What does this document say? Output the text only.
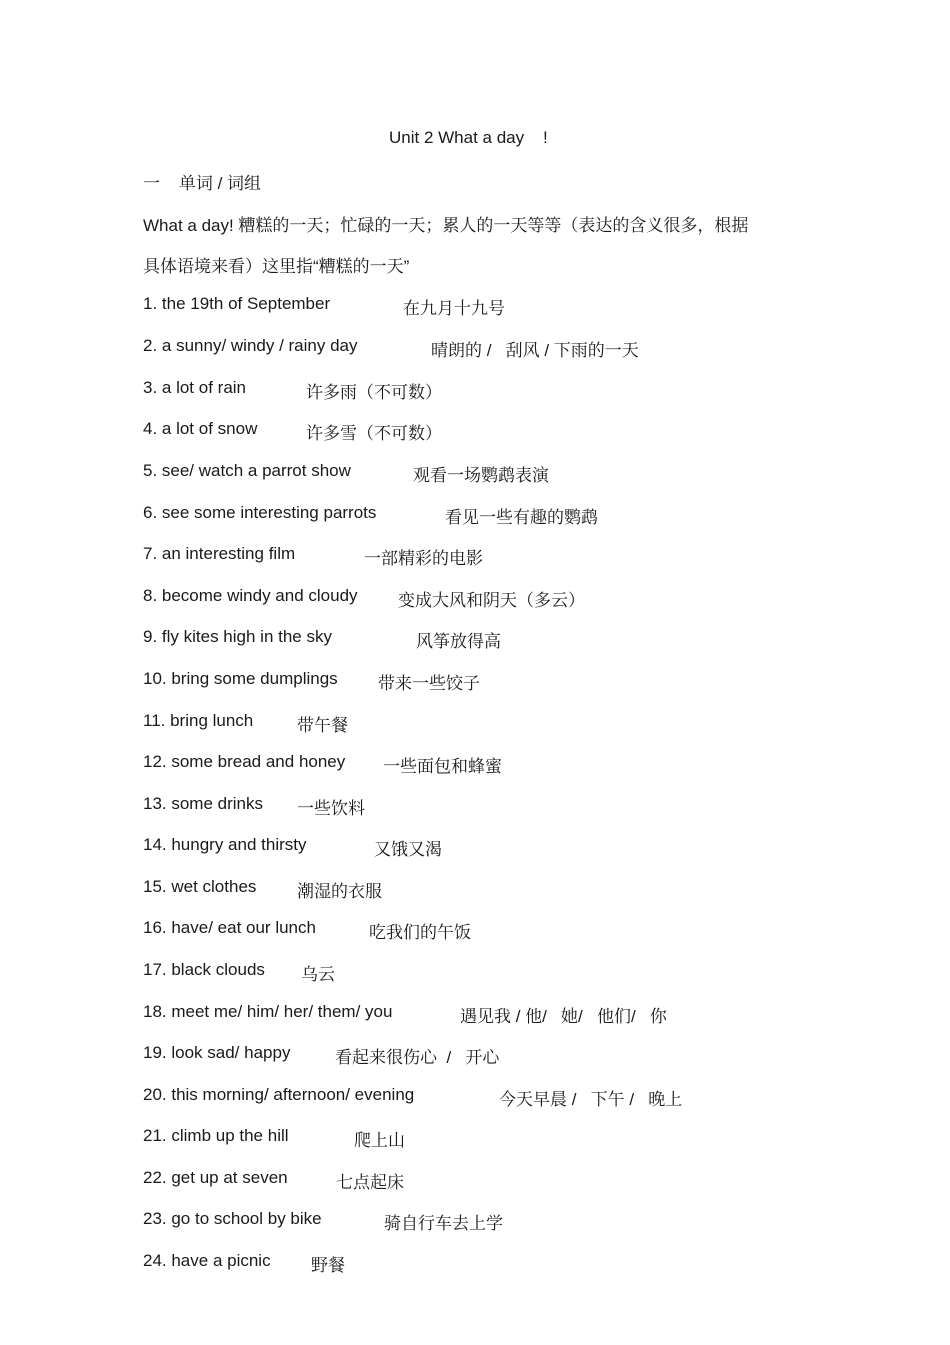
Unit 2 What a day    !
一    单词 / 词组
What a day! 糟糕的一天；忙碌的一天；累人的一天等等（表达的含义很多，根据
具体语境来看）这里指“糟糕的一天”
1. the 19th of September	在九月十九号
2. a sunny/ windy / rainy day	晴朗的 /   刮风 / 下雨的一天
3. a lot of rain	许多雨（不可数）
4. a lot of snow	许多雪（不可数）
5. see/ watch a parrot show	观看一场鹦鹉表演
6. see some interesting parrots	看见一些有趣的鹦鹉
7. an interesting film	一部精彩的电影
8. become windy and cloudy 变成大风和阴天（多云）
9. fly kites high in the sky	风筝放得高
10. bring some dumplings 带来一些饺子
11. bring lunch	带午餐
12. some bread and honey 一些面包和蜂蜜
13. some drinks 一些饮料
14. hungry and thirsty	又饿又渴
15. wet clothes 潮湿的衣服
16. have/ eat our lunch	吃我们的午饭
17. black clouds 乌云
18. meet me/ him/ her/ them/ you	遇见我 / 他/   她/   他们/   你
19. look sad/ happy	看起来很伤心  /   开心
20. this morning/ afternoon/ evening	今天早晨 /   下午 /   晚上
21. climb up the hill	爬上山
22. get up at seven	七点起床
23. go to school by bike	骑自行车去上学
24. have a picnic 野餐
